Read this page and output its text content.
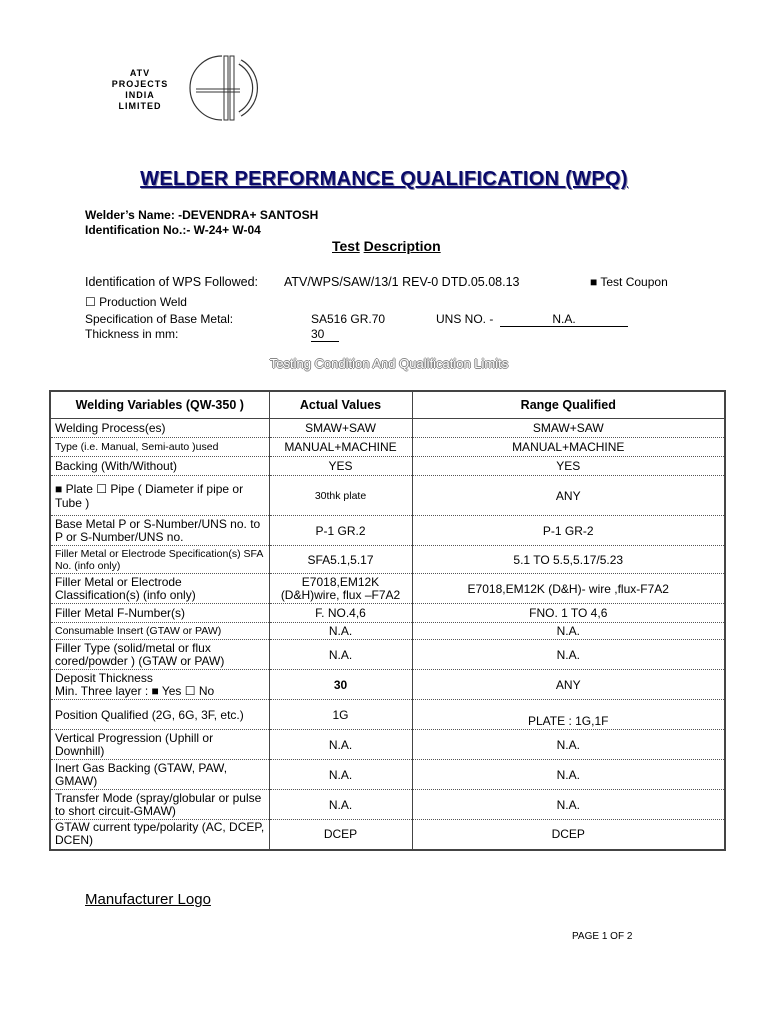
ATV
PROJECTS
INDIA
LIMITED
WELDER PERFORMANCE QUALIFICATION (WPQ)
Welder’s Name: -DEVENDRA+ SANTOSH
Identification No.:- W-24+ W-04
Test Description
Identification of WPS Followed: ATV/WPS/SAW/13/1 REV-0 DTD.05.08.13	■ Test Coupon
☐ Production Weld
Specification of Base Metal:	SA516 GR.70	UNS NO. -	N.A.
Thickness in mm:	30
Testing Condition And Qualification Limits
Welding Variables (QW-350 )	Actual Values	Range Qualified
Welding Process(es)	SMAW+SAW	SMAW+SAW
Type (i.e. Manual, Semi-auto )used	MANUAL+MACHINE	MANUAL+MACHINE
Backing (With/Without)	YES	YES
■ Plate ☐ Pipe ( Diameter if pipe or Tube )	30thk plate	ANY
Base Metal P or S-Number/UNS no. to P or S-Number/UNS no.	P-1 GR.2	P-1 GR-2
Filler Metal or Electrode Specification(s) SFA No. (info only)	SFA5.1,5.17	5.1 TO 5.5,5.17/5.23
Filler Metal or Electrode Classification(s) (info only)	E7018,EM12K (D&H)wire, flux –F7A2	E7018,EM12K (D&H)- wire ,flux-F7A2
Filler Metal F-Number(s)	F. NO.4,6	FNO. 1 TO 4,6
Consumable Insert (GTAW or PAW)	N.A.	N.A.
Filler Type (solid/metal or flux cored/powder ) (GTAW or PAW)	N.A.	N.A.

Deposit Thickness
Min. Three layer : ■ Yes ☐ No	30	ANY
Position Qualified (2G, 6G, 3F, etc.)	1G	PLATE : 1G,1F
Vertical Progression (Uphill or Downhill)	N.A.	N.A.
Inert Gas Backing (GTAW, PAW, GMAW)	N.A.	N.A.
Transfer Mode (spray/globular or pulse to short circuit-GMAW)	N.A.	N.A.
GTAW current type/polarity (AC, DCEP, DCEN)	DCEP	DCEP
Manufacturer Logo
PAGE 1 OF 2
